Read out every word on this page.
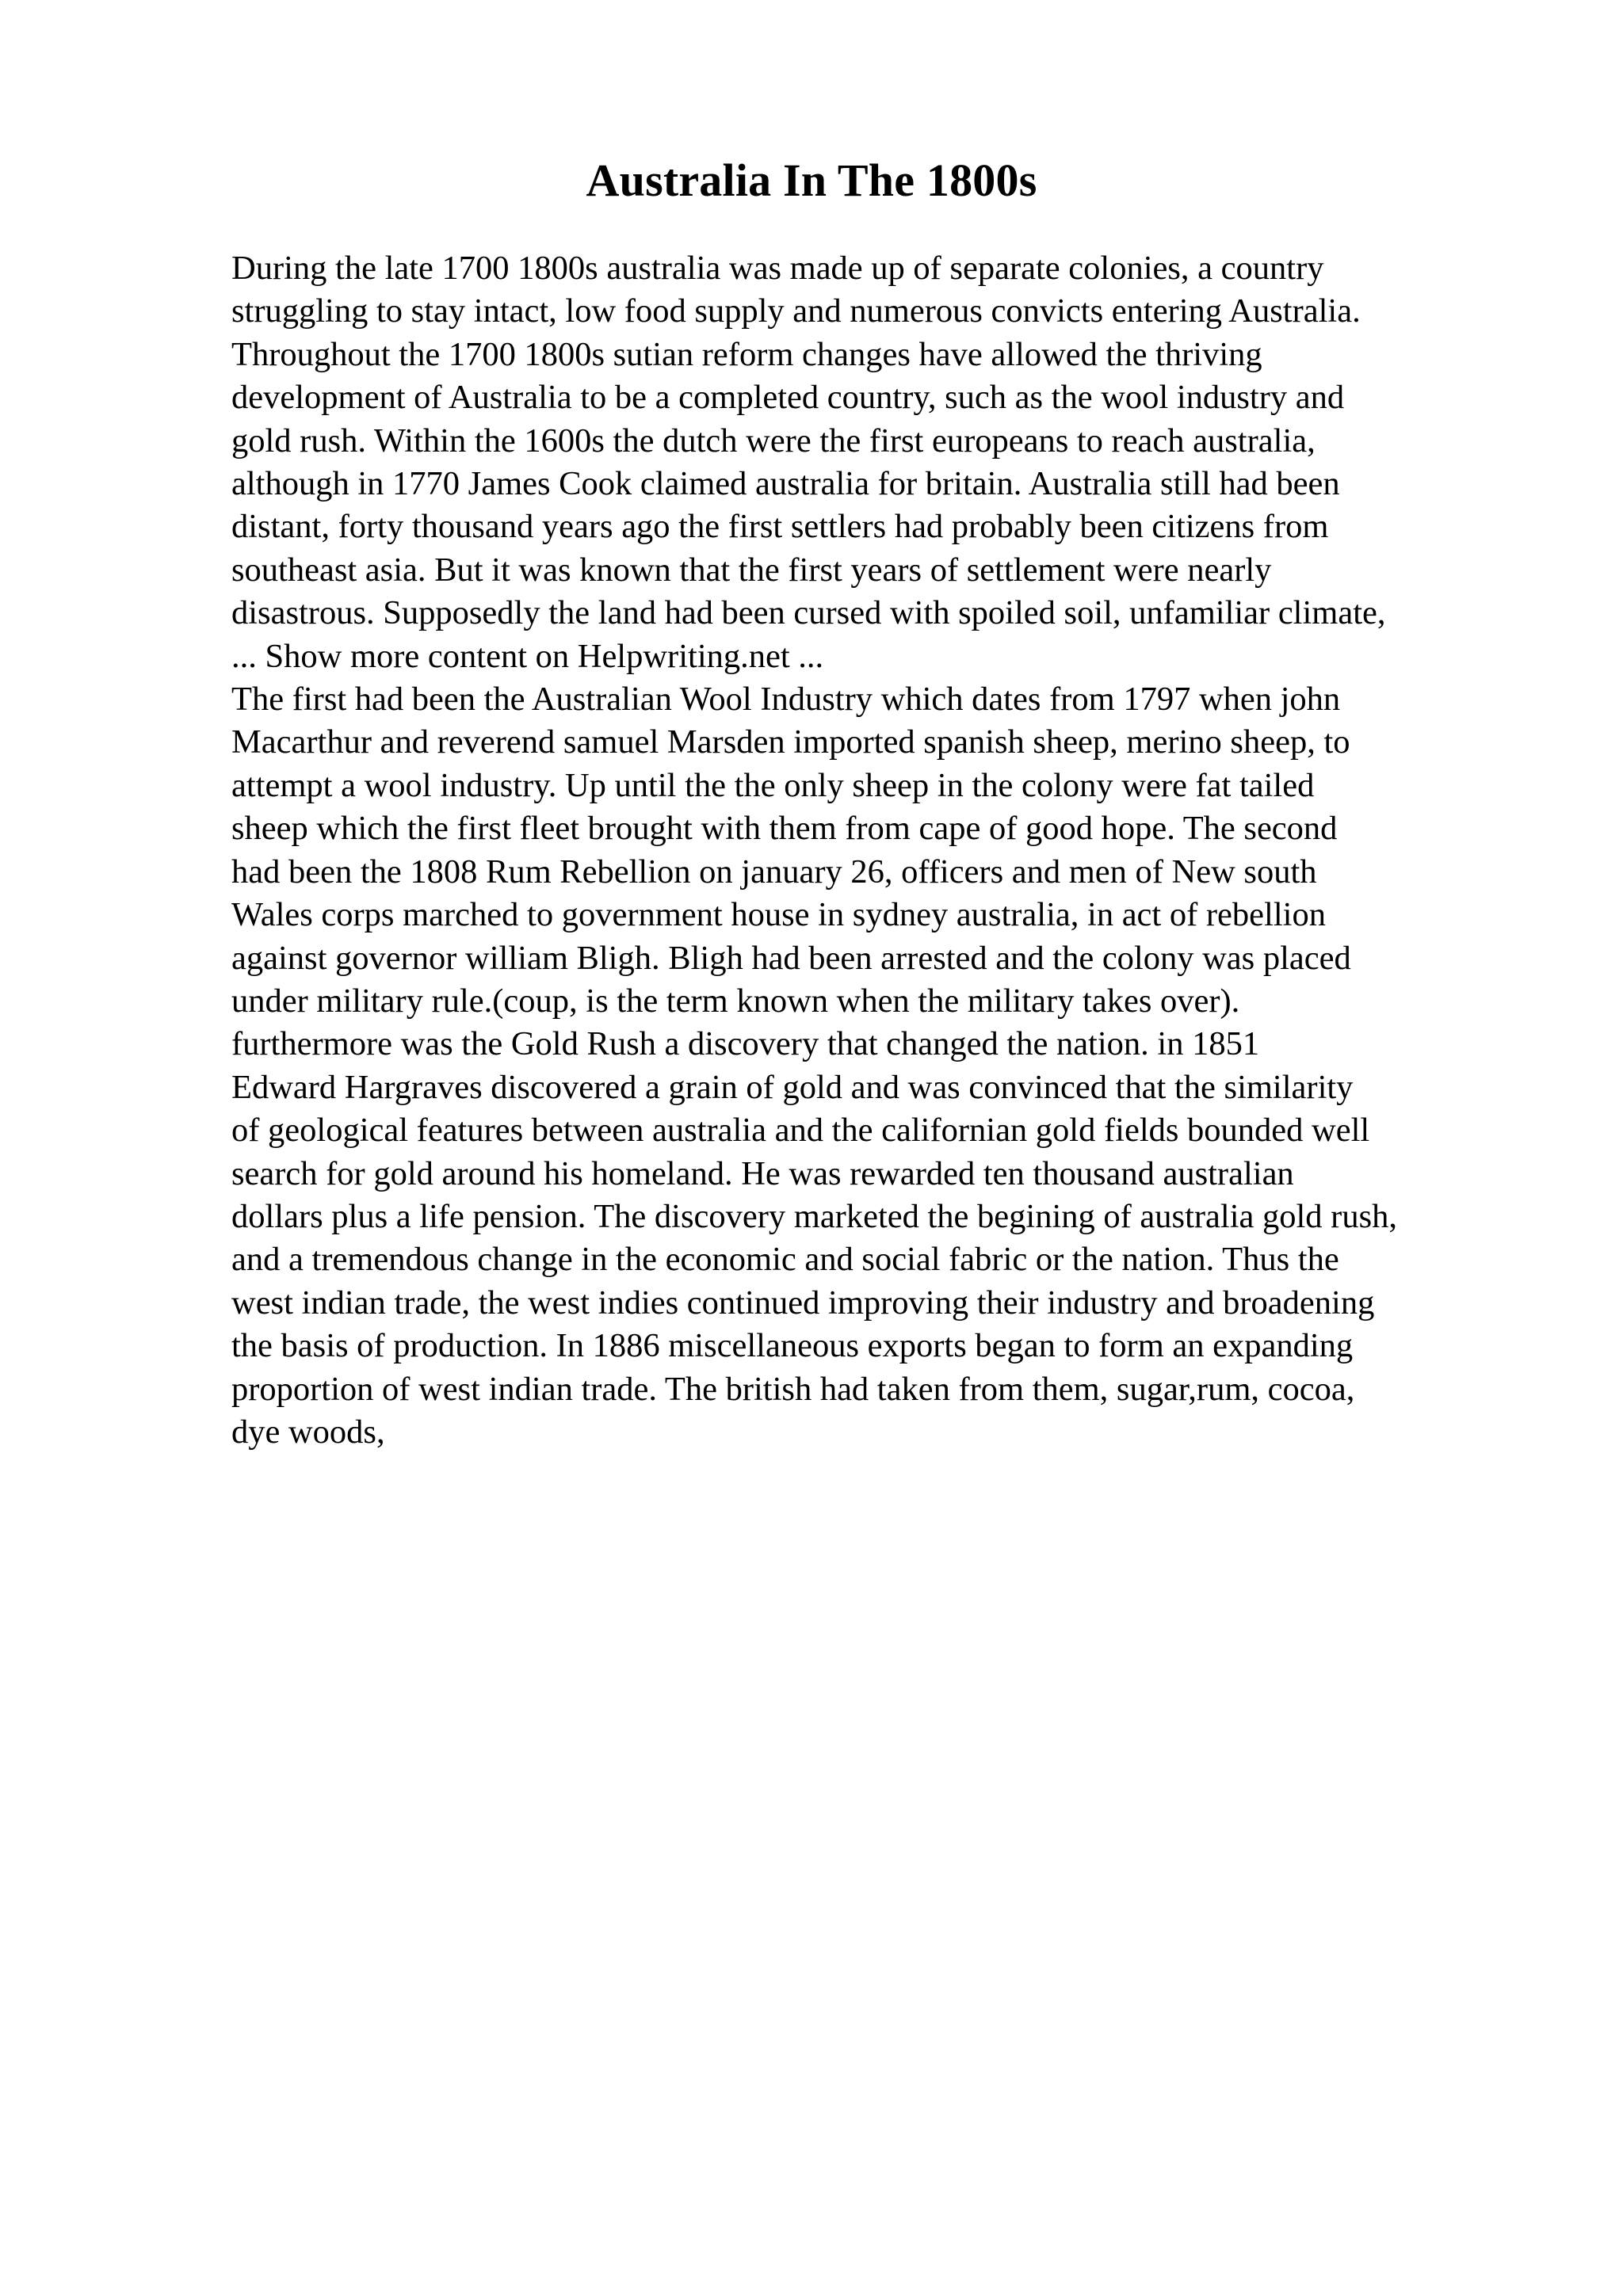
Australia In The 1800s
During the late 1700 1800s australia was made up of separate colonies, a country
struggling to stay intact, low food supply and numerous convicts entering Australia.
Throughout the 1700 1800s sutian reform changes have allowed the thriving
development of Australia to be a completed country, such as the wool industry and
gold rush. Within the 1600s the dutch were the first europeans to reach australia,
although in 1770 James Cook claimed australia for britain. Australia still had been
distant, forty thousand years ago the first settlers had probably been citizens from
southeast asia. But it was known that the first years of settlement were nearly
disastrous. Supposedly the land had been cursed with spoiled soil, unfamiliar climate,
... Show more content on Helpwriting.net ...
The first had been the Australian Wool Industry which dates from 1797 when john
Macarthur and reverend samuel Marsden imported spanish sheep, merino sheep, to
attempt a wool industry. Up until the the only sheep in the colony were fat tailed
sheep which the first fleet brought with them from cape of good hope. The second
had been the 1808 Rum Rebellion on january 26, officers and men of New south
Wales corps marched to government house in sydney australia, in act of rebellion
against governor william Bligh. Bligh had been arrested and the colony was placed
under military rule.(coup, is the term known when the military takes over).
furthermore was the Gold Rush a discovery that changed the nation. in 1851
Edward Hargraves discovered a grain of gold and was convinced that the similarity
of geological features between australia and the californian gold fields bounded well
search for gold around his homeland. He was rewarded ten thousand australian
dollars plus a life pension. The discovery marketed the begining of australia gold rush,
and a tremendous change in the economic and social fabric or the nation. Thus the
west indian trade, the west indies continued improving their industry and broadening
the basis of production. In 1886 miscellaneous exports began to form an expanding
proportion of west indian trade. The british had taken from them, sugar,rum, cocoa,
dye woods,
